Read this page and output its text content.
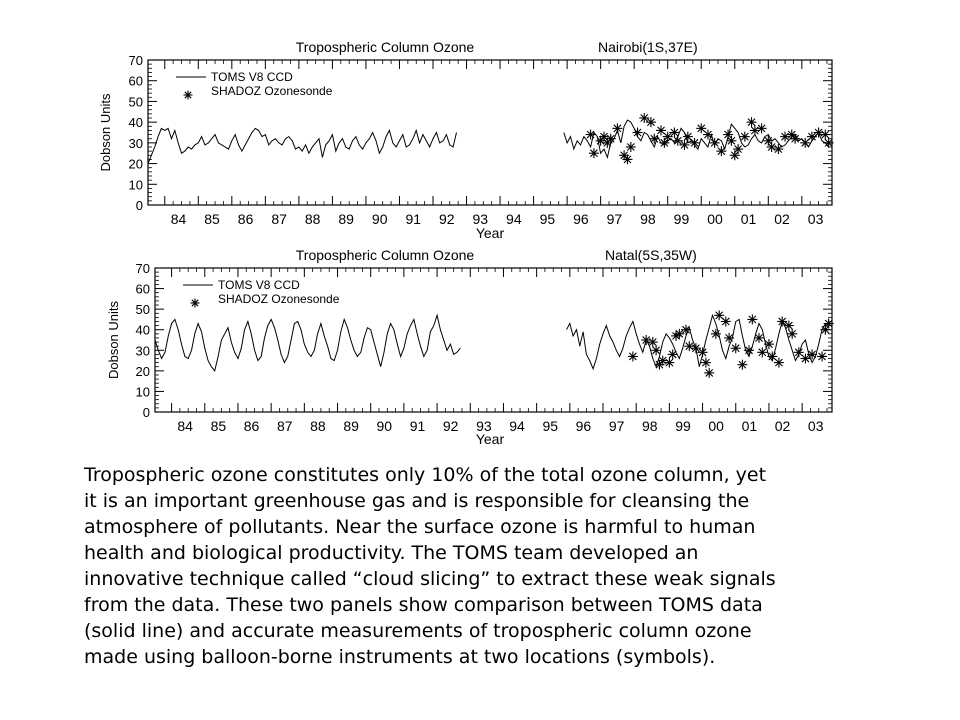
0
10
20
30
40
50
60
70
84 85 86 87 88 89 90 91 92 93 94 95 96 97 98 99 00 01 02 03
Tropospheric Column Ozone	Nairobi(1S,37E)
Year
Dobson Units
TOMS V8 CCD
SHADOZ Ozonesonde
0
10
20
30
40
50
60
70
84 85 86 87 88 89 90 91 92 93 94 95 96 97 98 99 00 01 02 03
Tropospheric Column Ozone	Natal(5S,35W)
Year
Dobson Units
TOMS V8 CCD
SHADOZ Ozonesonde
Tropospheric ozone constitutes only 10% of the total ozone column, yet
it is an important greenhouse gas and is responsible for cleansing the
atmosphere of pollutants. Near the surface ozone is harmful to human
health and biological productivity. The TOMS team developed an
innovative technique called “cloud slicing” to extract these weak signals
from the data. These two panels show comparison between TOMS data
(solid line) and accurate measurements of tropospheric column ozone
made using balloon-borne instruments at two locations (symbols).
